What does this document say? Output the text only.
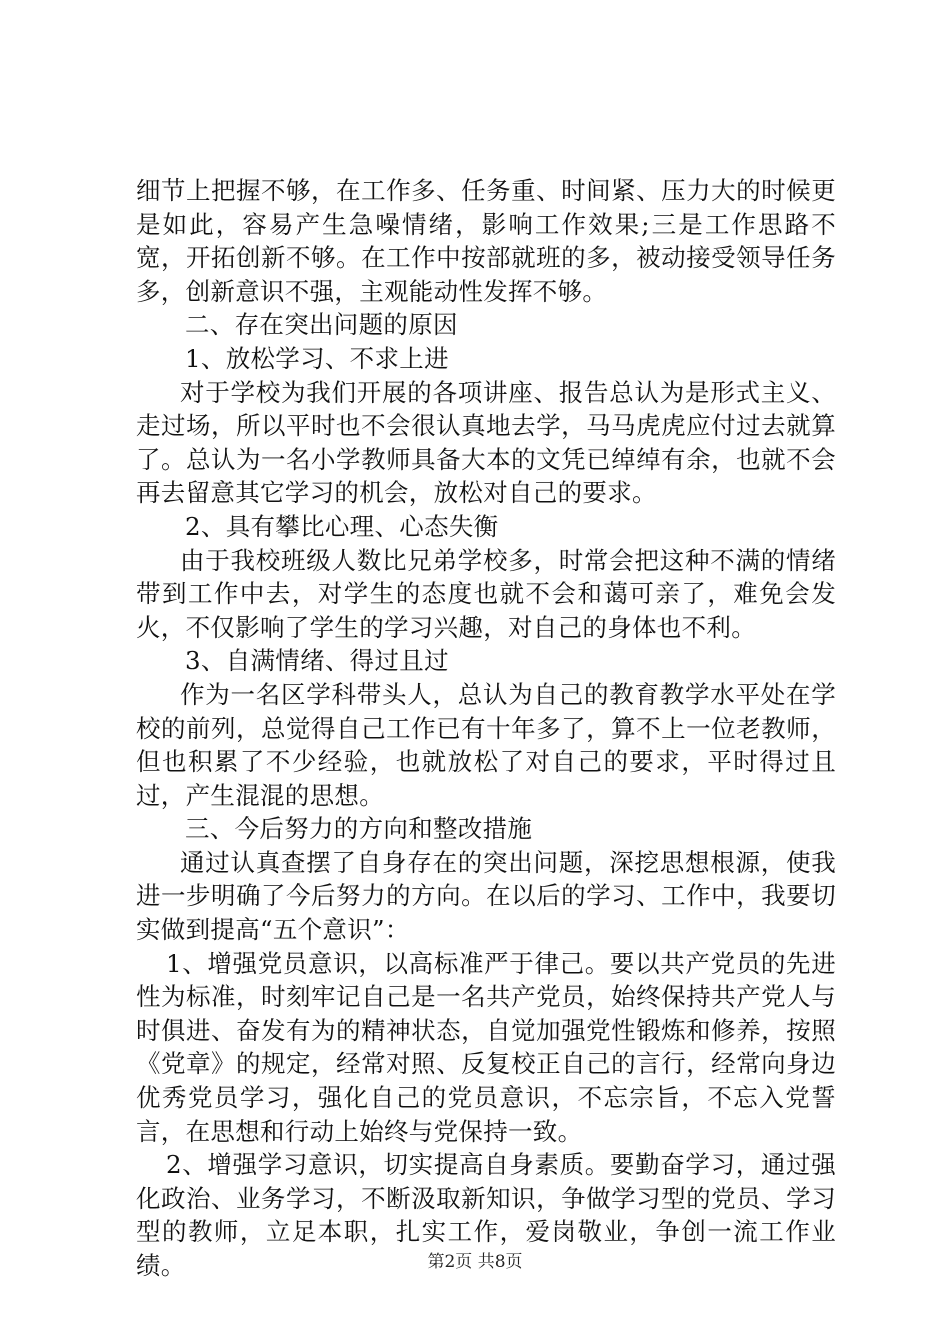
细节上把握不够，在工作多、任务重、时间紧、压力大的时候更是如此，容易产生急噪情绪，影响工作效果;三是工作思路不宽，开拓创新不够。在工作中按部就班的多，被动接受领导任务多，创新意识不强，主观能动性发挥不够。

二、存在突出问题的原因

1、放松学习、不求上进

对于学校为我们开展的各项讲座、报告总认为是形式主义、走过场，所以平时也不会很认真地去学，马马虎虎应付过去就算了。总认为一名小学教师具备大本的文凭已绰绰有余，也就不会再去留意其它学习的机会，放松对自己的要求。

2、具有攀比心理、心态失衡

由于我校班级人数比兄弟学校多，时常会把这种不满的情绪带到工作中去，对学生的态度也就不会和蔼可亲了，难免会发火，不仅影响了学生的学习兴趣，对自己的身体也不利。

3、自满情绪、得过且过

作为一名区学科带头人，总认为自己的教育教学水平处在学校的前列，总觉得自己工作已有十年多了，算不上一位老教师，但也积累了不少经验，也就放松了对自己的要求，平时得过且过，产生混混的思想。

三、今后努力的方向和整改措施

通过认真查摆了自身存在的突出问题，深挖思想根源，使我进一步明确了今后努力的方向。在以后的学习、工作中，我要切实做到提高“五个意识”：

1、增强党员意识，以高标准严于律己。要以共产党员的先进性为标准，时刻牢记自己是一名共产党员，始终保持共产党人与时俱进、奋发有为的精神状态，自觉加强党性锻炼和修养，按照《党章》的规定，经常对照、反复校正自己的言行，经常向身边优秀党员学习，强化自己的党员意识，不忘宗旨，不忘入党誓言，在思想和行动上始终与党保持一致。

2、增强学习意识，切实提高自身素质。要勤奋学习，通过强化政治、业务学习，不断汲取新知识，争做学习型的党员、学习型的教师，立足本职，扎实工作，爱岗敬业，争创一流工作业绩。	第2页 共8页
